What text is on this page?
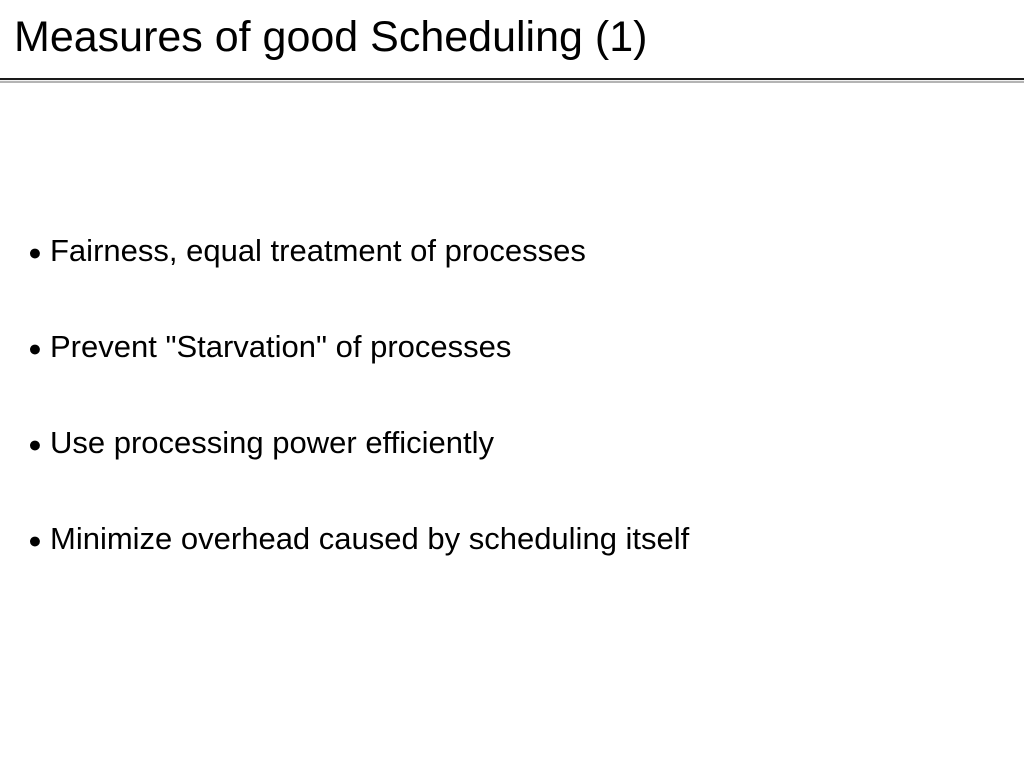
Measures of good Scheduling (1)
● Fairness, equal treatment of processes
● Prevent "Starvation" of processes
● Use processing power efficiently
● Minimize overhead caused by scheduling itself
